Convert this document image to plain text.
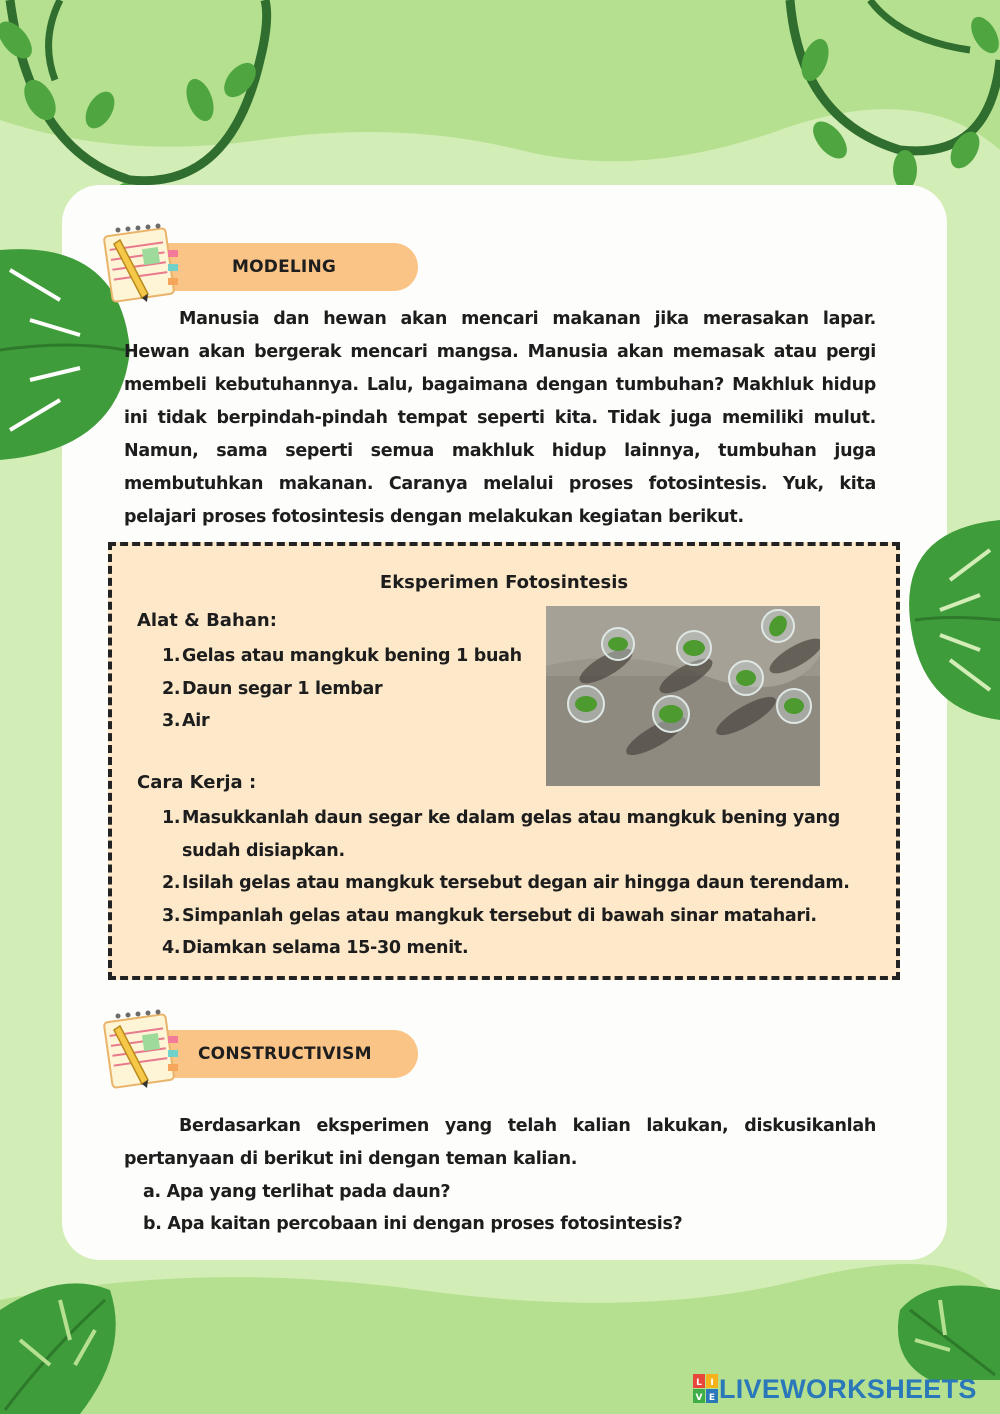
MODELING

Manusia dan hewan akan mencari makanan jika merasakan lapar. Hewan akan bergerak mencari mangsa. Manusia akan memasak atau pergi membeli kebutuhannya. Lalu, bagaimana dengan tumbuhan? Makhluk hidup ini tidak berpindah-pindah tempat seperti kita. Tidak juga memiliki mulut. Namun, sama seperti semua makhluk hidup lainnya, tumbuhan juga membutuhkan makanan. Caranya melalui proses fotosintesis. Yuk, kita pelajari proses fotosintesis dengan melakukan kegiatan berikut.

Eksperimen Fotosintesis
Alat & Bahan:
1. Gelas atau mangkuk bening 1 buah
2. Daun segar 1 lembar
3. Air
Cara Kerja :
1. Masukkanlah daun segar ke dalam gelas atau mangkuk bening yang sudah disiapkan.
2. Isilah gelas atau mangkuk tersebut degan air hingga daun terendam.
3. Simpanlah gelas atau mangkuk tersebut di bawah sinar matahari.
4. Diamkan selama 15-30 menit.
CONSTRUCTIVISM

Berdasarkan eksperimen yang telah kalian lakukan, diskusikanlah pertanyaan di berikut ini dengan teman kalian.

a. Apa yang terlihat pada daun?
b. Apa kaitan percobaan ini dengan proses fotosintesis?
L I
V E LIVEWORKSHEETS
